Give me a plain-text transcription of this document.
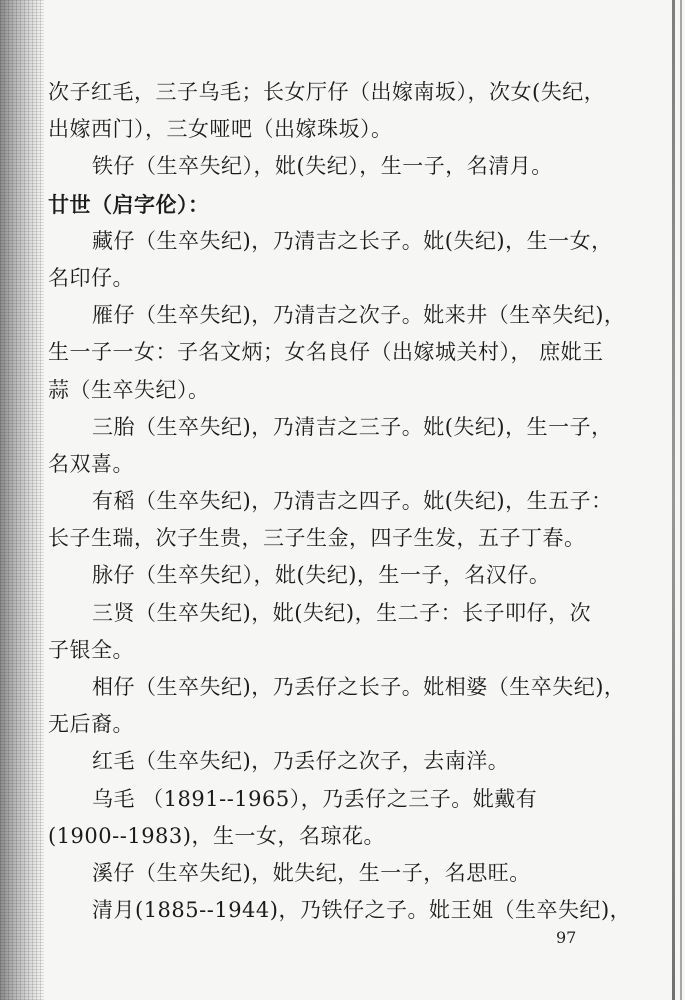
次子红毛，三子乌毛；长女厅仔（出嫁南坂），次女(失纪，
出嫁西门），三女哑吧（出嫁珠坂）。
铁仔（生卒失纪），妣(失纪），生一子，名清月。
廿世（启字伦）：
藏仔（生卒失纪)，乃清吉之长子。妣(失纪)，生一女，
名印仔。
雁仔（生卒失纪)，乃清吉之次子。妣来井（生卒失纪)，
生一子一女：子名文炳；女名良仔（出嫁城关村）， 庶妣王
蒜（生卒失纪）。
三胎（生卒失纪)，乃清吉之三子。妣(失纪)，生一子，
名双喜。
有稻（生卒失纪)，乃清吉之四子。妣(失纪)，生五子：
长子生瑞，次子生贵，三子生金，四子生发，五子丁春。
脉仔（生卒失纪），妣(失纪)，生一子，名汉仔。
三贤（生卒失纪)，妣(失纪)，生二子：长子叩仔，次
子银全。
相仔（生卒失纪)，乃丢仔之长子。妣相婆（生卒失纪)，
无后裔。
红毛（生卒失纪)，乃丢仔之次子，去南洋。
乌毛 （1891--1965），乃丢仔之三子。妣戴有
(1900--1983)，生一女，名琼花。
溪仔（生卒失纪)，妣失纪，生一子，名思旺。
清月(1885--1944)，乃铁仔之子。妣王姐（生卒失纪)，
97
